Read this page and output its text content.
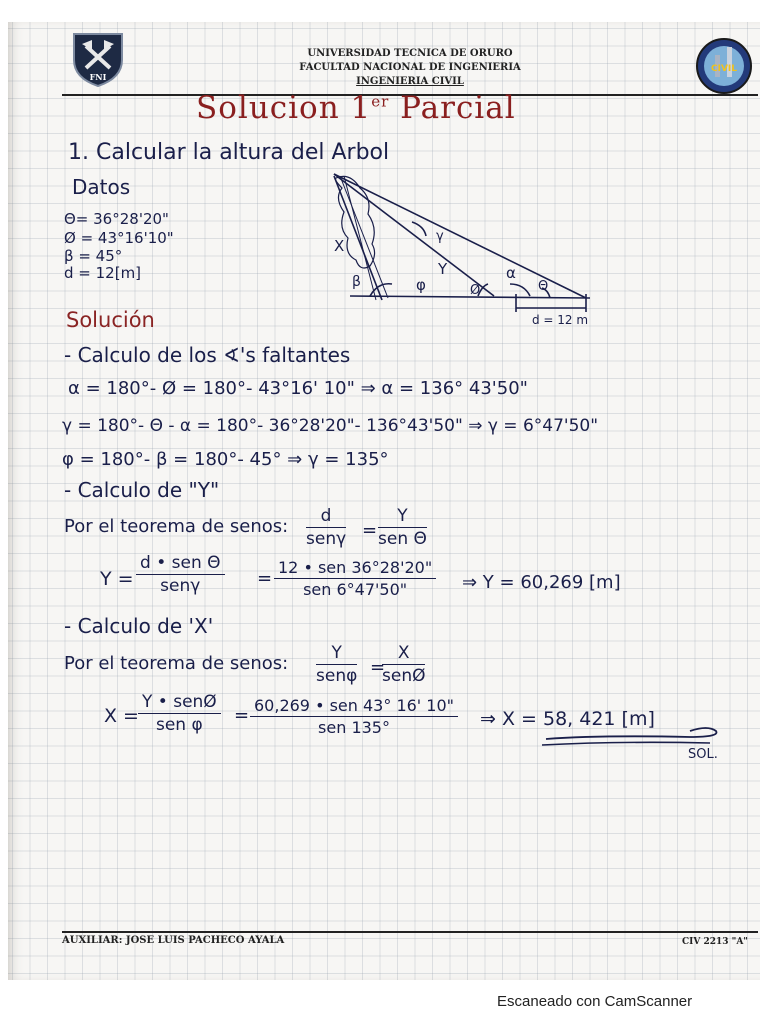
FNI
CIVIL
UNIVERSIDAD TECNICA DE ORURO
FACULTAD NACIONAL DE INGENIERIA
INGENIERIA CIVIL
Solucion 1er Parcial
1. Calcular la altura del Arbol
Datos
Θ= 36°28'20"
Ø = 43°16'10"
β = 45°
d = 12[m]
X
Y
β	φ	Ø
α
Θ
γ
d = 12 m
Solución
- Calculo de los ∢'s faltantes
α = 180°- Ø = 180°- 43°16' 10" ⇒ α = 136° 43'50"
γ = 180°- Θ - α = 180°- 36°28'20"- 136°43'50" ⇒ γ = 6°47'50"
φ = 180°- β = 180°- 45° ⇒ γ = 135°
- Calculo de "Y"
Por el teorema de senos:	d
senγ =
Y
sen Θ
Y =
d • sen Θ
senγ	=
12 • sen 36°28'20"
sen 6°47'50"	⇒ Y = 60,269 [m]
- Calculo de 'X'
Por el teorema de senos:	Y
senφ =
X
senØ
X =
Y • senØ
sen φ	= 60,269 • sen 43° 16' 10"
sen 135°	⇒ X = 58, 421 [m]
SOL.
AUXILIAR: JOSE LUIS PACHECO AYALA	CIV 2213 "A"
Escaneado con CamScanner
